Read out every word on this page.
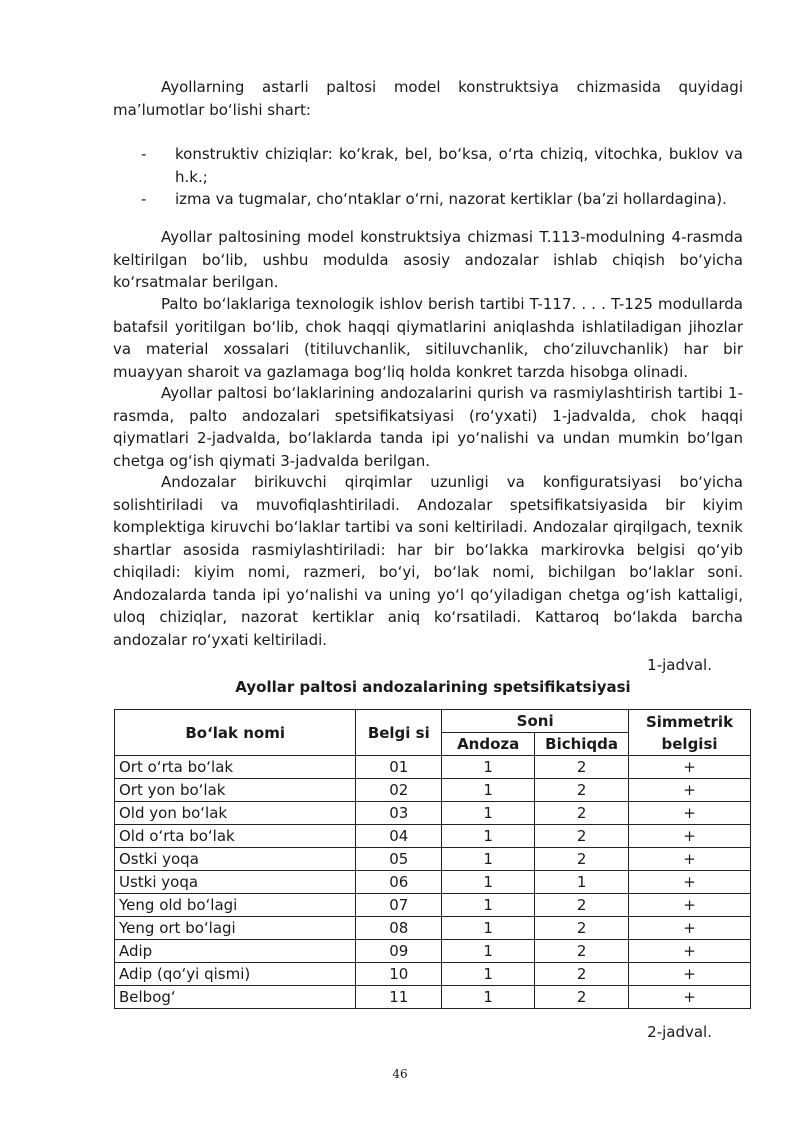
Ayollarning astarli paltosi model konstruktsiya chizmasida quyidagi ma’lumotlar bo‘lishi shart:

- konstruktiv chiziqlar: ko‘krak, bel, bo‘ksa, o‘rta chiziq, vitochka, buklov va h.k.;
- izma va tugmalar, cho‘ntaklar o‘rni, nazorat kertiklar (ba’zi hollardagina).

Ayollar paltosining model konstruktsiya chizmasi T.113-modulning 4-rasmda keltirilgan bo‘lib, ushbu modulda asosiy andozalar ishlab chiqish bo‘yicha ko‘rsatmalar berilgan.

Palto bo‘laklariga texnologik ishlov berish tartibi T-117. . . . T-125 modullarda batafsil yoritilgan bo‘lib, chok haqqi qiymatlarini aniqlashda ishlatiladigan jihozlar va material xossalari (titiluvchanlik, sitiluvchanlik, cho‘ziluvchanlik) har bir muayyan sharoit va gazlamaga bog‘liq holda konkret tarzda hisobga olinadi.

Ayollar paltosi bo‘laklarining andozalarini qurish va rasmiylashtirish tartibi 1-rasmda, palto andozalari spetsifikatsiyasi (ro‘yxati) 1-jadvalda, chok haqqi qiymatlari 2-jadvalda, bo‘laklarda tanda ipi yo‘nalishi va undan mumkin bo‘lgan chetga og‘ish qiymati 3-jadvalda berilgan.

Andozalar birikuvchi qirqimlar uzunligi va konfiguratsiyasi bo‘yicha solishtiriladi va muvofiqlashtiriladi. Andozalar spetsifikatsiyasida bir kiyim komplektiga kiruvchi bo‘laklar tartibi va soni keltiriladi. Andozalar qirqilgach, texnik shartlar asosida rasmiylashtiriladi: har bir bo‘lakka markirovka belgisi qo‘yib chiqiladi: kiyim nomi, razmeri, bo‘yi, bo‘lak nomi, bichilgan bo‘laklar soni. Andozalarda tanda ipi yo‘nalishi va uning yo‘l qo‘yiladigan chetga og‘ish kattaligi, uloq chiziqlar, nazorat kertiklar aniq ko‘rsatiladi. Kattaroq bo‘lakda barcha andozalar ro‘yxati keltiriladi.

1-jadval.
Ayollar paltosi andozalarining spetsifikatsiyasi
Bo‘lak nomi	Belgi si	Soni		Simmetrik belgisi
		Andoza	Bichiqda	
Ort o‘rta bo‘lak	01	1	2	+
Ort yon bo‘lak	02	1	2	+
Old yon bo‘lak	03	1	2	+
Old o‘rta bo‘lak	04	1	2	+
Ostki yoqa	05	1	2	+
Ustki yoqa	06	1	1	+
Yeng old bo‘lagi	07	1	2	+
Yeng ort bo‘lagi	08	1	2	+
Adip	09	1	2	+
Adip (qo‘yi qismi)	10	1	2	+
Belbog‘	11	1	2	+
2-jadval.
46
